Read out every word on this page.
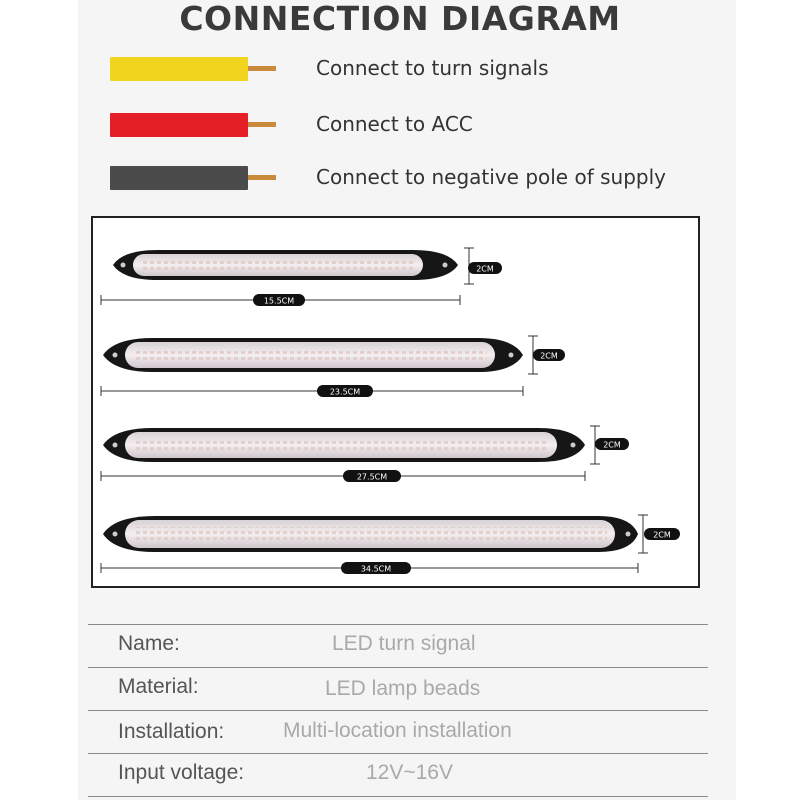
CONNECTION DIAGRAM
Connect to turn signals
Connect to ACC
Connect to negative pole of supply
2CM
15.5CM
2CM
23.5CM
2CM
27.5CM
2CM
34.5CM
Name:	LED turn signal
Material:	LED lamp beads
Installation:	Multi-location installation
Input voltage:	12V~16V
